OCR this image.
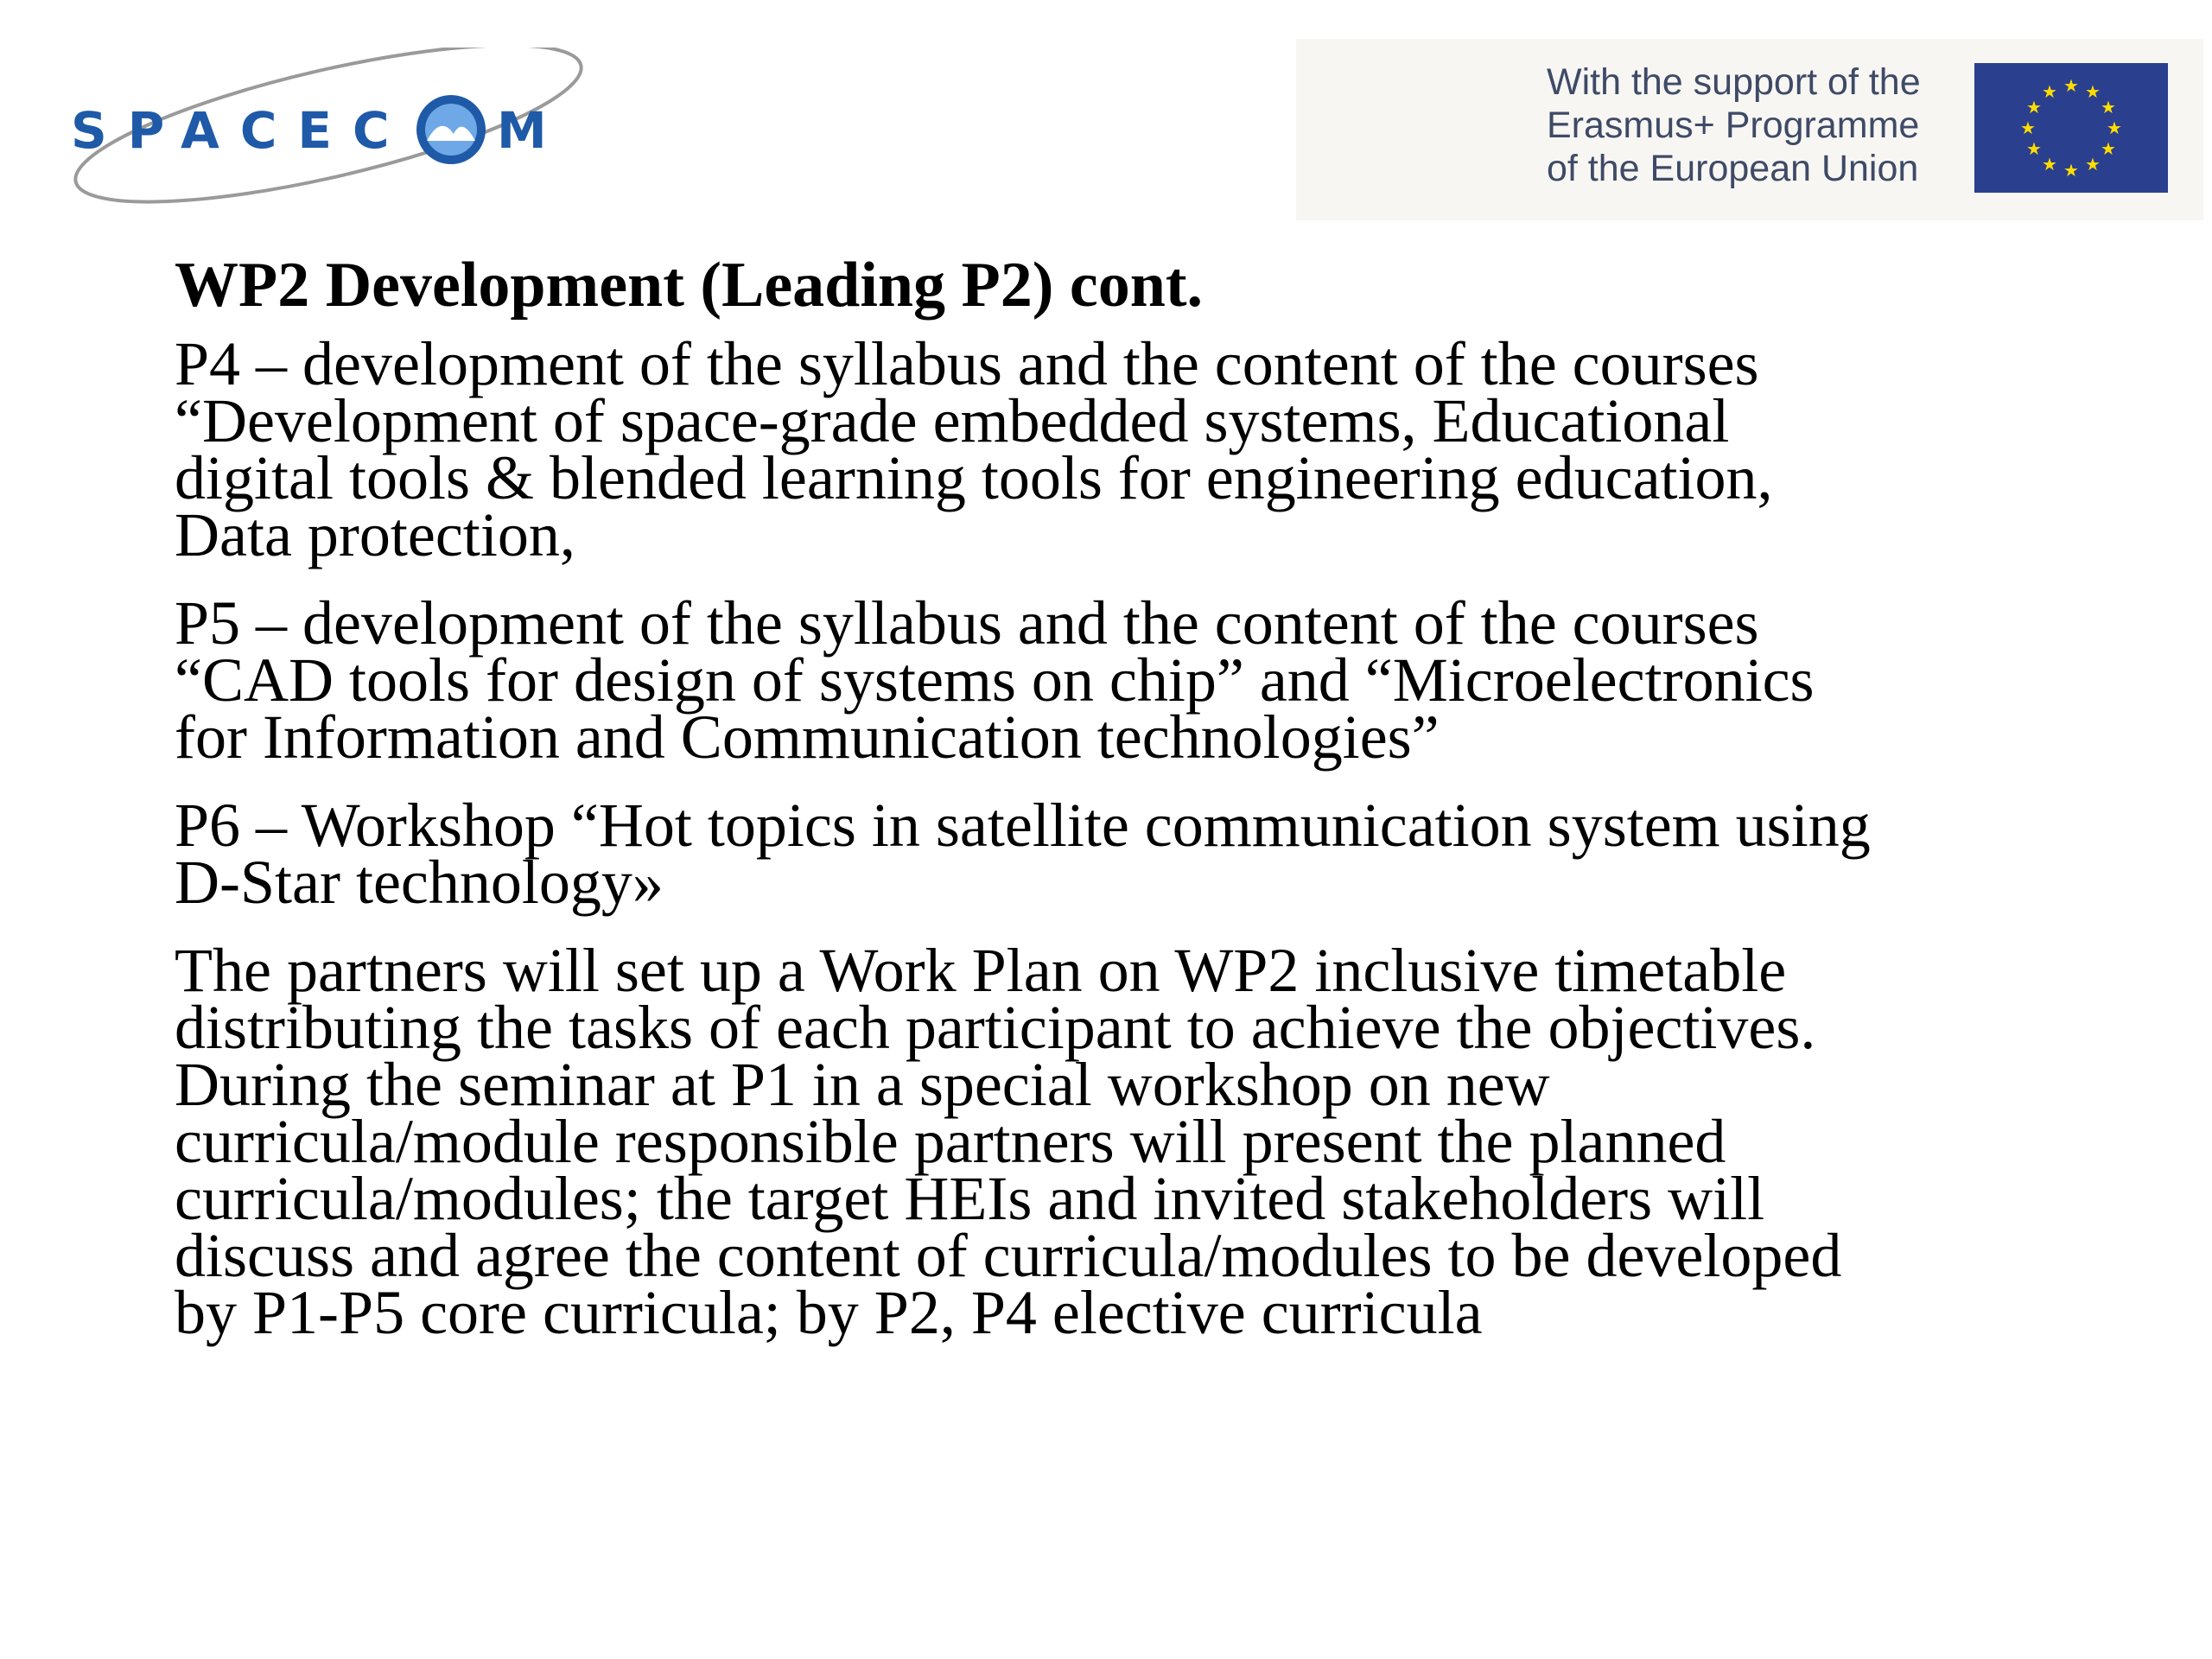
SPACEC M
With the support of the
Erasmus+ Programme
of the European Union
★ ★
★
★
★
★
★
★
★
★
★
★
WP2 Development (Leading P2) cont.
P4 – development of the syllabus and the content of the courses
“Development of space-grade embedded systems, Educational
digital tools & blended learning tools for engineering education,
Data protection,
P5 – development of the syllabus and the content of the courses
“CAD tools for design of systems on chip” and “Microelectronics
for Information and Communication technologies”
P6 – Workshop “Hot topics in satellite communication system using
D-Star technology»
The partners will set up a Work Plan on WP2 inclusive timetable
distributing the tasks of each participant to achieve the objectives.
During the seminar at P1 in a special workshop on new
curricula/module responsible partners will present the planned
curricula/modules; the target HEIs and invited stakeholders will
discuss and agree the content of curricula/modules to be developed
by P1-P5 core curricula; by P2, P4 elective curricula
